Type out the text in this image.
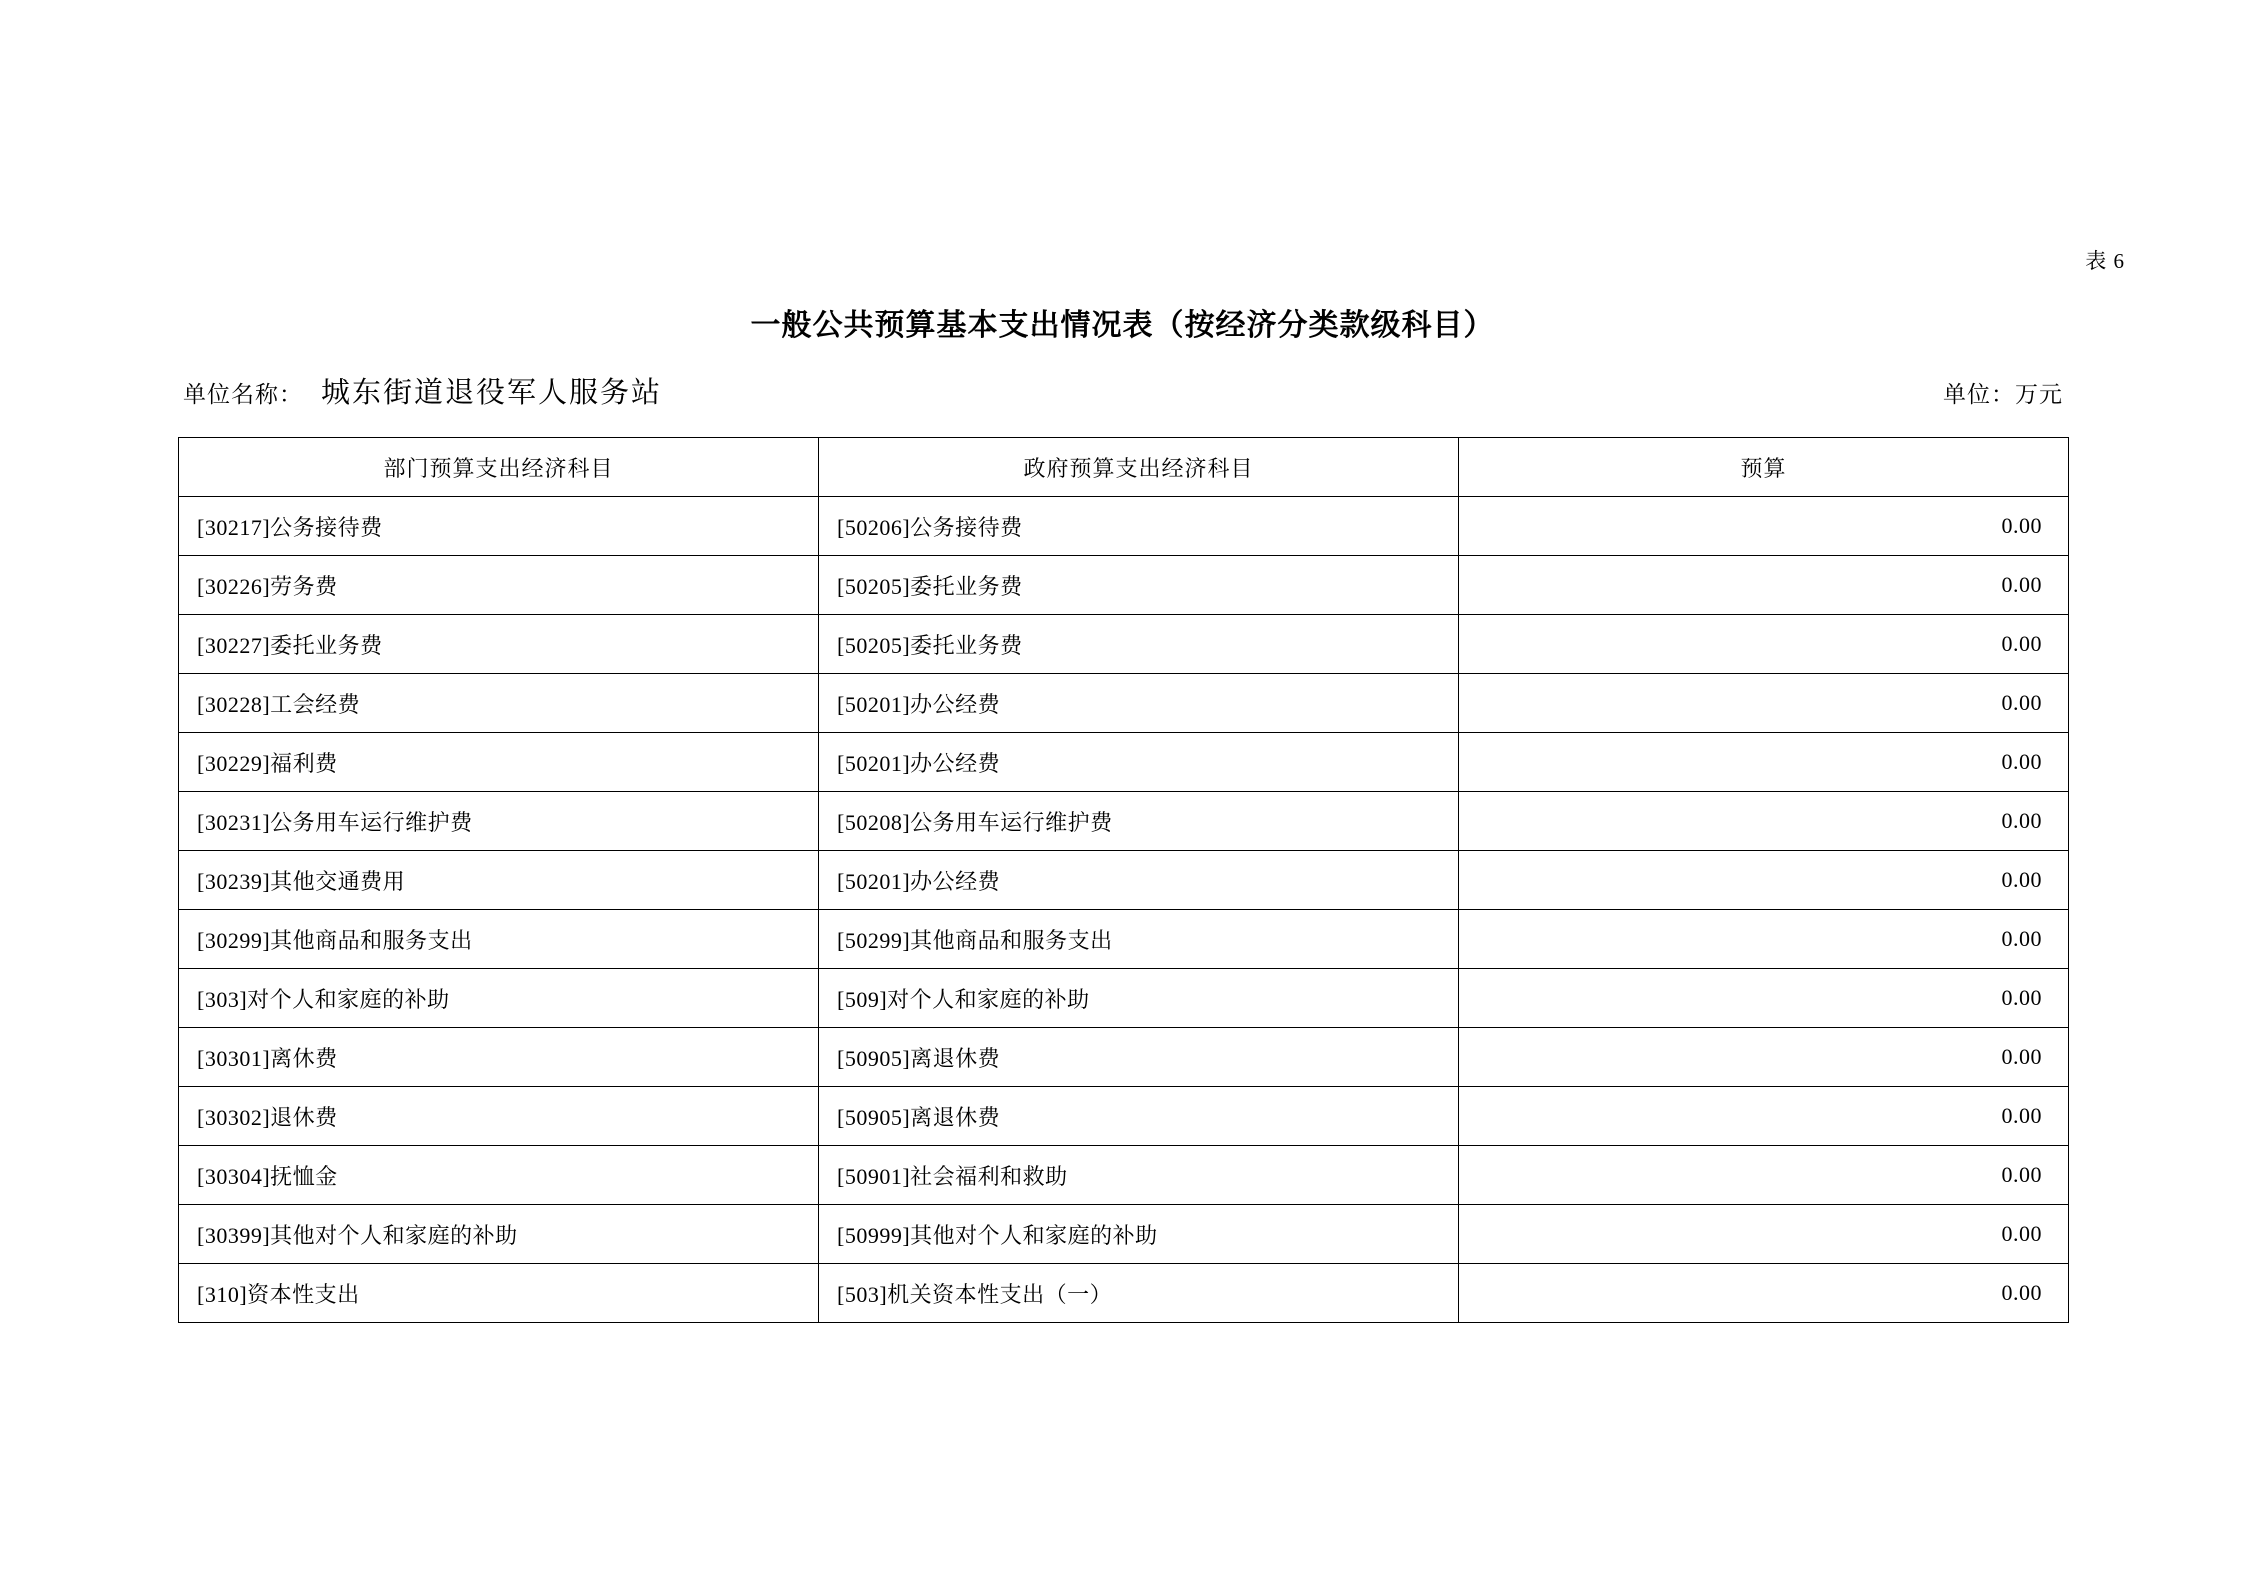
表 6
一般公共预算基本支出情况表（按经济分类款级科目）
单位名称： 城东街道退役军人服务站	单位：万元
部门预算支出经济科目	政府预算支出经济科目	预算
[30217]公务接待费	[50206]公务接待费	0.00
[30226]劳务费	[50205]委托业务费	0.00
[30227]委托业务费	[50205]委托业务费	0.00
[30228]工会经费	[50201]办公经费	0.00
[30229]福利费	[50201]办公经费	0.00
[30231]公务用车运行维护费	[50208]公务用车运行维护费	0.00
[30239]其他交通费用	[50201]办公经费	0.00
[30299]其他商品和服务支出	[50299]其他商品和服务支出	0.00
[303]对个人和家庭的补助	[509]对个人和家庭的补助	0.00
[30301]离休费	[50905]离退休费	0.00
[30302]退休费	[50905]离退休费	0.00
[30304]抚恤金	[50901]社会福利和救助	0.00
[30399]其他对个人和家庭的补助	[50999]其他对个人和家庭的补助	0.00
[310]资本性支出	[503]机关资本性支出（一）	0.00
